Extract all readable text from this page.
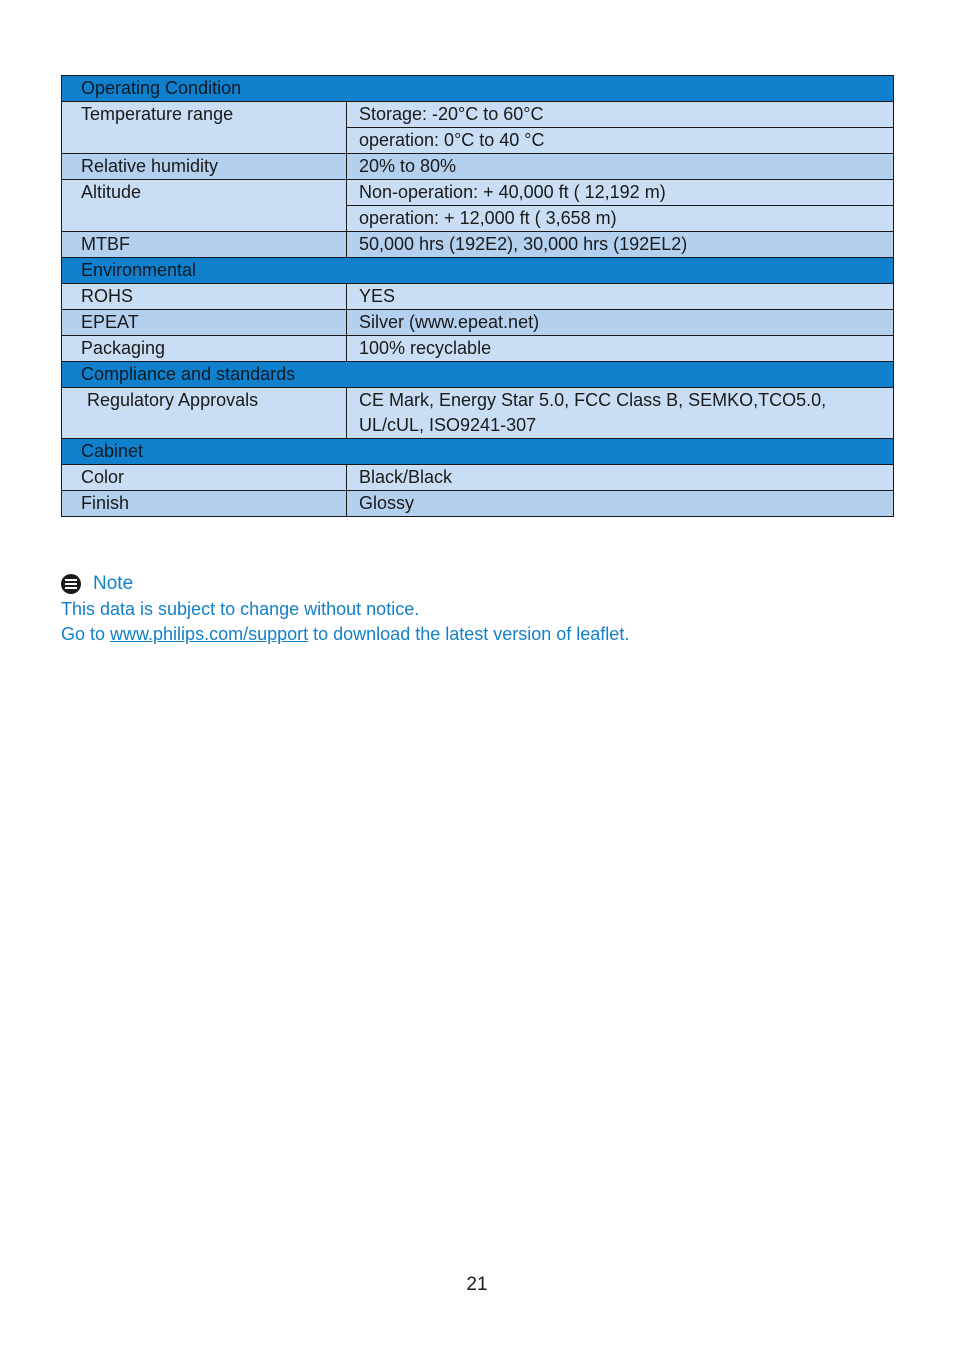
Operating Condition	
Temperature range	Storage: -20°C to 60°C
	operation: 0°C to 40 °C
Relative humidity	20% to 80%
Altitude	Non-operation: + 40,000 ft ( 12,192 m)
	operation: + 12,000 ft ( 3,658 m)
MTBF	50,000 hrs (192E2), 30,000 hrs (192EL2)
Environmental	
ROHS	YES
EPEAT	Silver (www.epeat.net)
Packaging	100% recyclable
Compliance and standards	
Regulatory Approvals	CE Mark, Energy Star 5.0, FCC Class B, SEMKO,TCO5.0,
UL/cUL, ISO9241-307

Cabinet	
Color	Black/Black
Finish	Glossy
Note
This data is subject to change without notice.
Go to www.philips.com/support to download the latest version of leaflet.
21
